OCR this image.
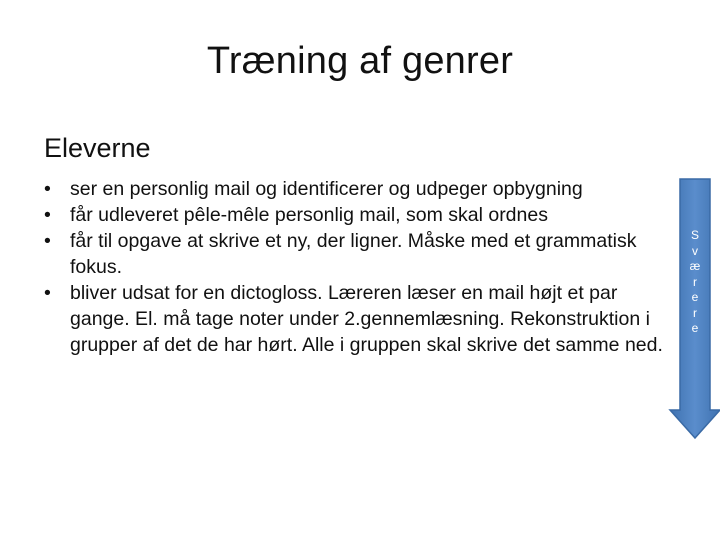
Træning af genrer
Eleverne
• ser en personlig mail og identificerer og udpeger opbygning
• får udleveret pêle-mêle personlig mail, som skal ordnes
• får til opgave at skrive et ny, der ligner. Måske med et grammatisk fokus.
• bliver udsat for en dictogloss. Læreren læser en mail højt et par gange. El. må tage noter under 2.gennemlæsning. Rekonstruktion i grupper af det de har hørt. Alle i gruppen skal skrive det samme ned.
S
v
æ
r
e
r
e
